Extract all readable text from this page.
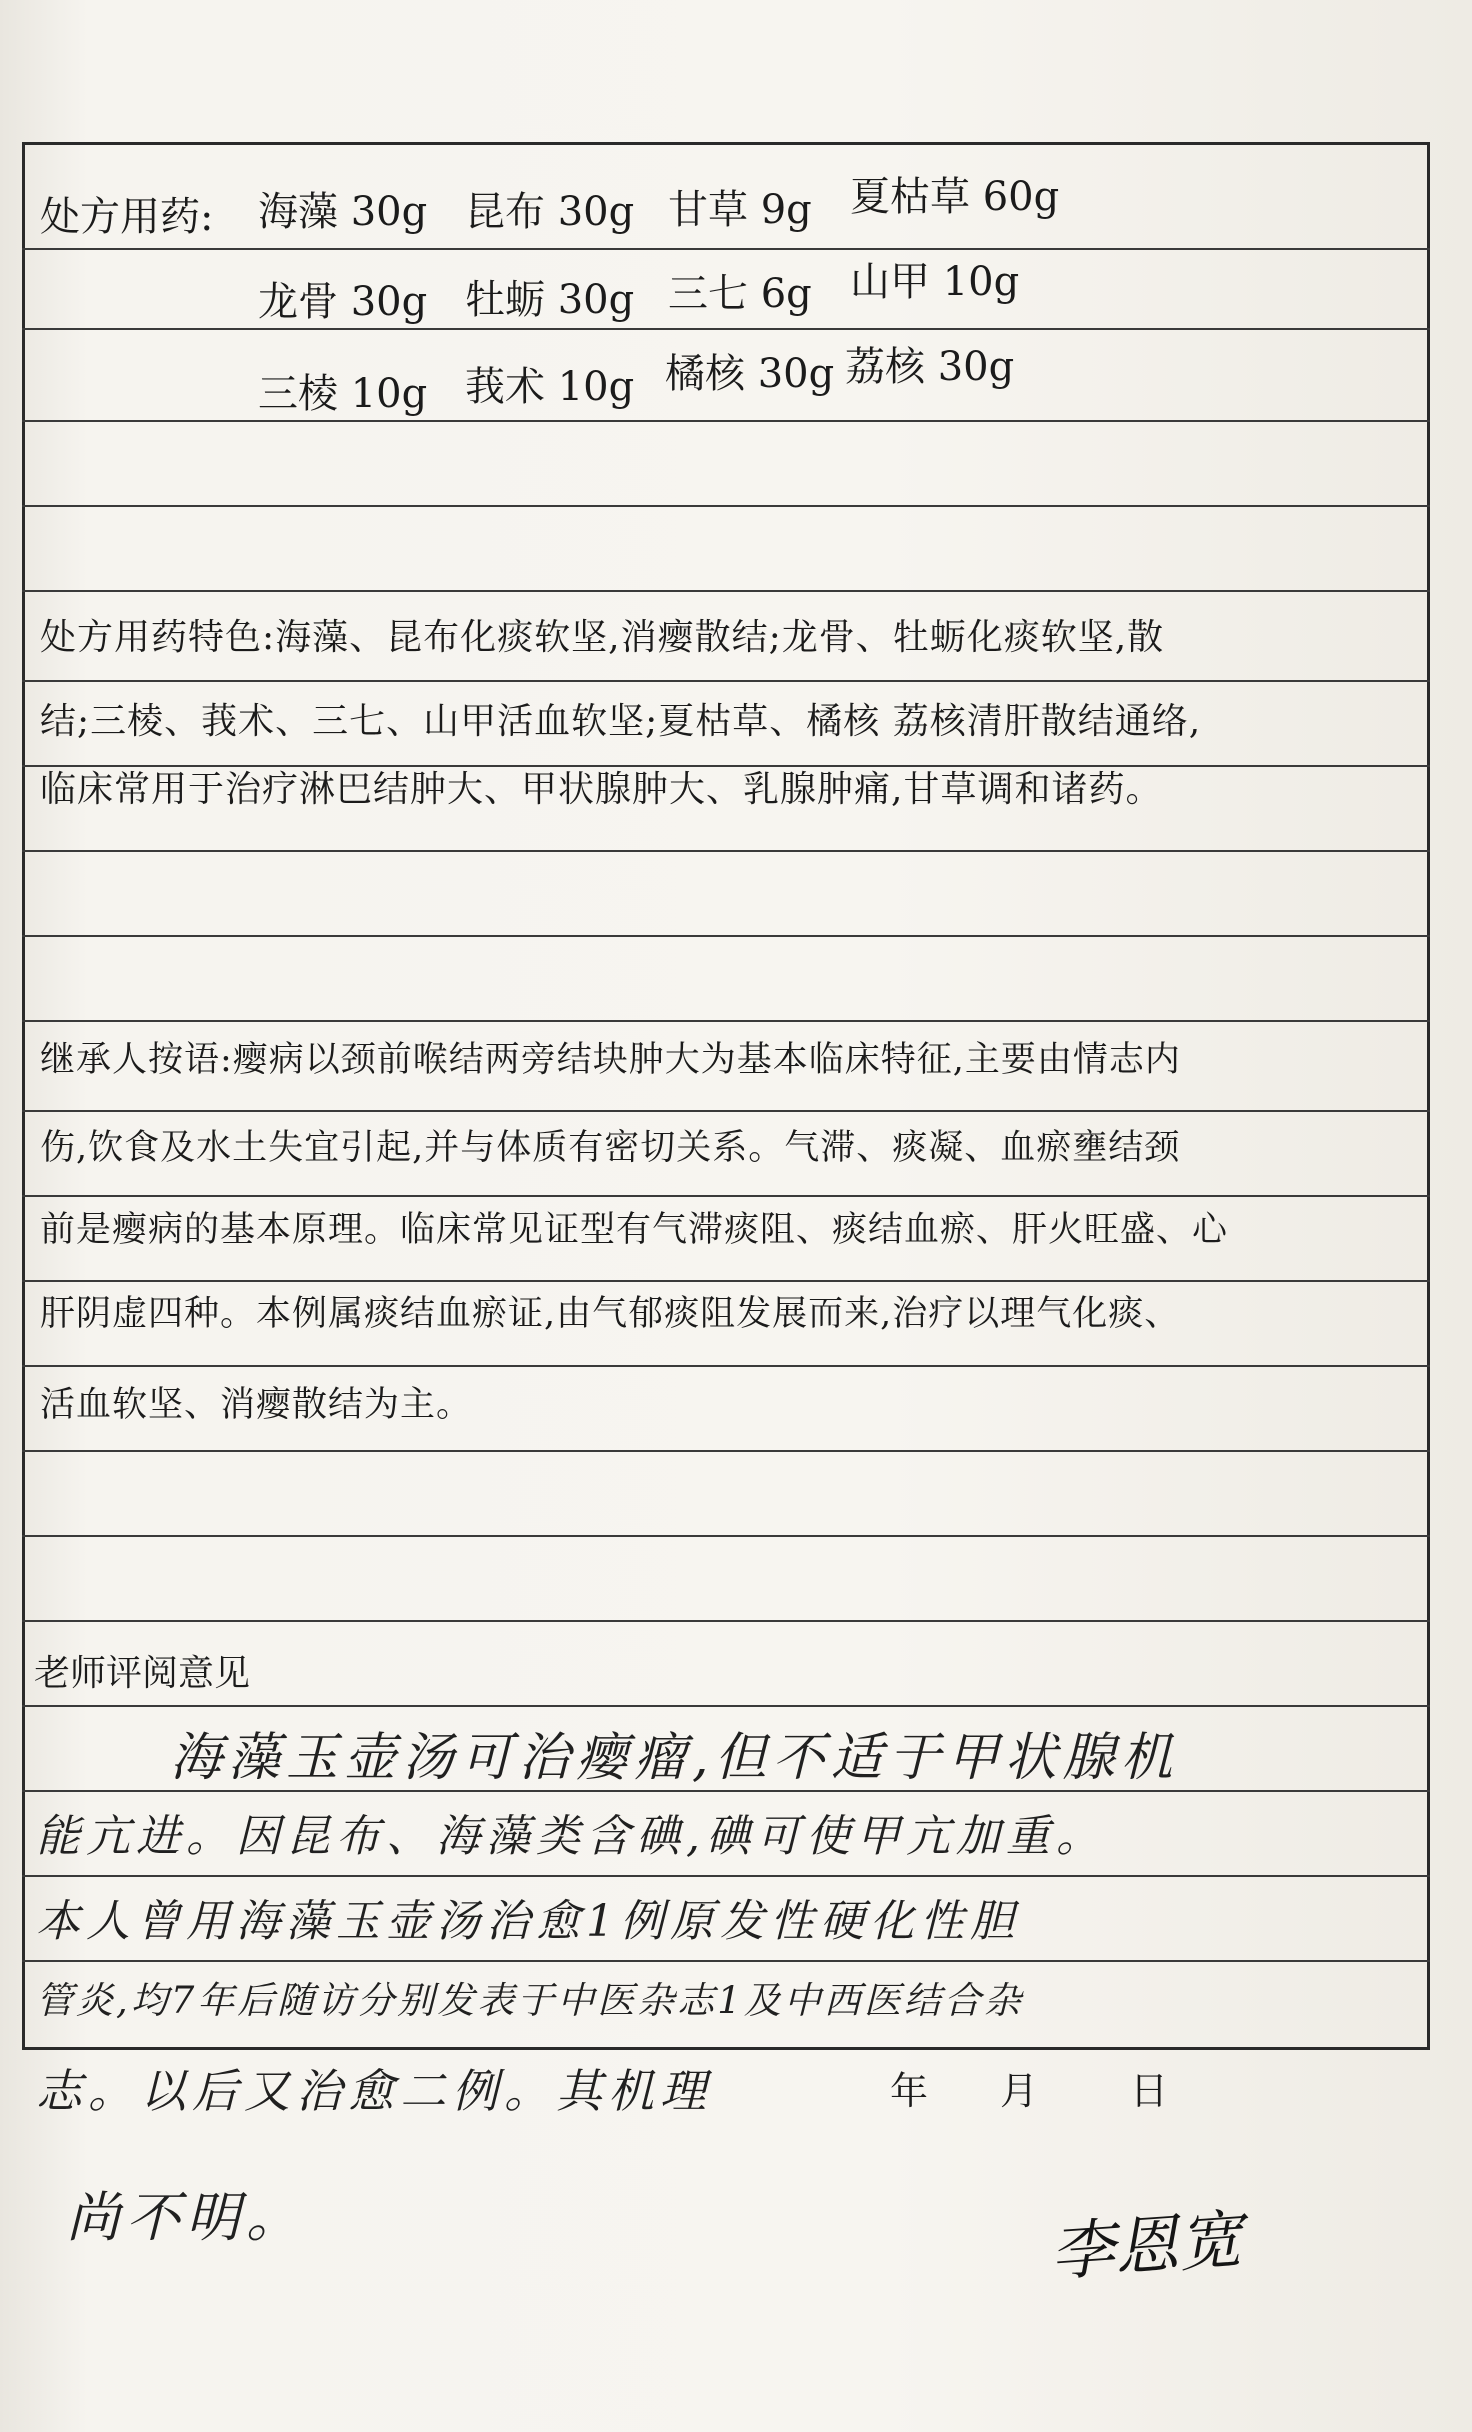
处方用药: 海藻 30g 昆布 30g 甘草 9g 夏枯草 60g
龙骨 30g 牡蛎 30g 三七 6g 山甲 10g
三棱 10g 莪术 10g 橘核 30g 荔核 30g
处方用药特色:海藻、昆布化痰软坚,消瘿散结;龙骨、牡蛎化痰软坚,散
结;三棱、莪术、三七、山甲活血软坚;夏枯草、橘核 荔核清肝散结通络,
临床常用于治疗淋巴结肿大、甲状腺肿大、乳腺肿痛,甘草调和诸药。
继承人按语:瘿病以颈前喉结两旁结块肿大为基本临床特征,主要由情志内
伤,饮食及水土失宜引起,并与体质有密切关系。气滞、痰凝、血瘀壅结颈
前是瘿病的基本原理。临床常见证型有气滞痰阻、痰结血瘀、肝火旺盛、心
肝阴虚四种。本例属痰结血瘀证,由气郁痰阻发展而来,治疗以理气化痰、
活血软坚、消瘿散结为主。
老师评阅意见
海藻玉壶汤可治瘿瘤,但不适于甲状腺机
能亢进。因昆布、海藻类含碘,碘可使甲亢加重。
本人曾用海藻玉壶汤治愈1例原发性硬化性胆
管炎,均7年后随访分别发表于中医杂志1及中西医结合杂
志。以后又治愈二例。其机理
尚不明。
年 月 日
李恩宽
